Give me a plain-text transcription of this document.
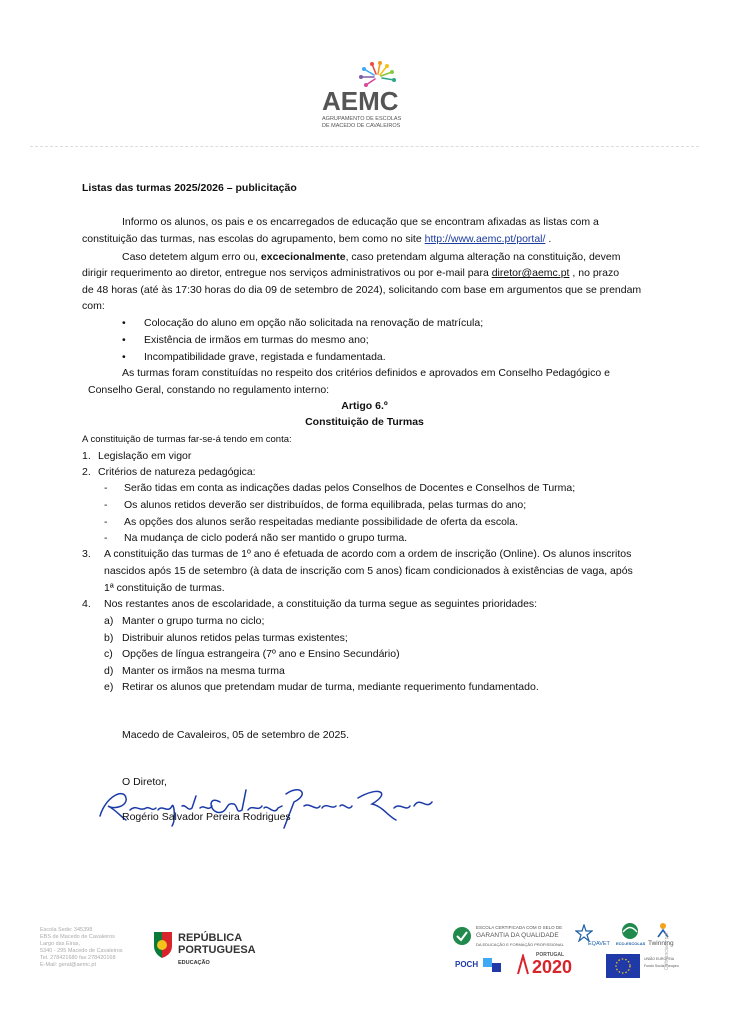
AEMC
AGRUPAMENTO DE ESCOLAS
DE MACEDO DE CAVALEIROS
Listas das turmas 2025/2026 – publicitação
Informo os alunos, os pais e os encarregados de educação que se encontram afixadas as listas com a
constituição das turmas, nas escolas do agrupamento, bem como no site http://www.aemc.pt/portal/ .
Caso detetem algum erro ou, excecionalmente, caso pretendam alguma alteração na constituição, devem
dirigir requerimento ao diretor, entregue nos serviços administrativos ou por e-mail para diretor@aemc.pt , no prazo
de 48 horas (até às 17:30 horas do dia 09 de setembro de 2024), solicitando com base em argumentos que se prendam
com:
• Colocação do aluno em opção não solicitada na renovação de matrícula;
• Existência de irmãos em turmas do mesmo ano;
• Incompatibilidade grave, registada e fundamentada.
As turmas foram constituídas no respeito dos critérios definidos e aprovados em Conselho Pedagógico e
Conselho Geral, constando no regulamento interno:
Artigo 6.º
Constituição de Turmas
A constituição de turmas far-se-á tendo em conta:
1. Legislação em vigor
2. Critérios de natureza pedagógica:
- Serão tidas em conta as indicações dadas pelos Conselhos de Docentes e Conselhos de Turma;
- Os alunos retidos deverão ser distribuídos, de forma equilibrada, pelas turmas do ano;
- As opções dos alunos serão respeitadas mediante possibilidade de oferta da escola.
- Na mudança de ciclo poderá não ser mantido o grupo turma.
3. A constituição das turmas de 1º ano é efetuada de acordo com a ordem de inscrição (Online). Os alunos inscritos
nascidos após 15 de setembro (à data de inscrição com 5 anos) ficam condicionados à existências de vaga, após
1ª constituição de turmas.
4. Nos restantes anos de escolaridade, a constituição da turma segue as seguintes prioridades:
a) Manter o grupo turma no ciclo;
b) Distribuir alunos retidos pelas turmas existentes;
c) Opções de língua estrangeira (7º ano e Ensino Secundário)
d) Manter os irmãos na mesma turma
e) Retirar os alunos que pretendam mudar de turma, mediante requerimento fundamentado.
Macedo de Cavaleiros, 05 de setembro de 2025.
O Diretor,
Rogério Salvador Pereira Rodrigues
Escola Sede: 345398
EBS de Macedo de Cavaleiros
Largo das Eiras,
5340 - 295 Macedo de Cavaleiros
Tel. 278421680 fax 278420168
E-Mail: geral@aemc.pt
REPÚBLICA
PORTUGUESA
EDUCAÇÃO
ESCOLA CERTIFICADA COM O SELO DE
GARANTIA DA QUALIDADE
DA EDUCAÇÃO E FORMAÇÃO PROFISSIONAL	EQAVET ECO-ESCOLAS Twinning
POCH
PORTUGAL
2020	UNIÃO EUROPEIA
Fundo Social Europeu
Cofinanciado por:
